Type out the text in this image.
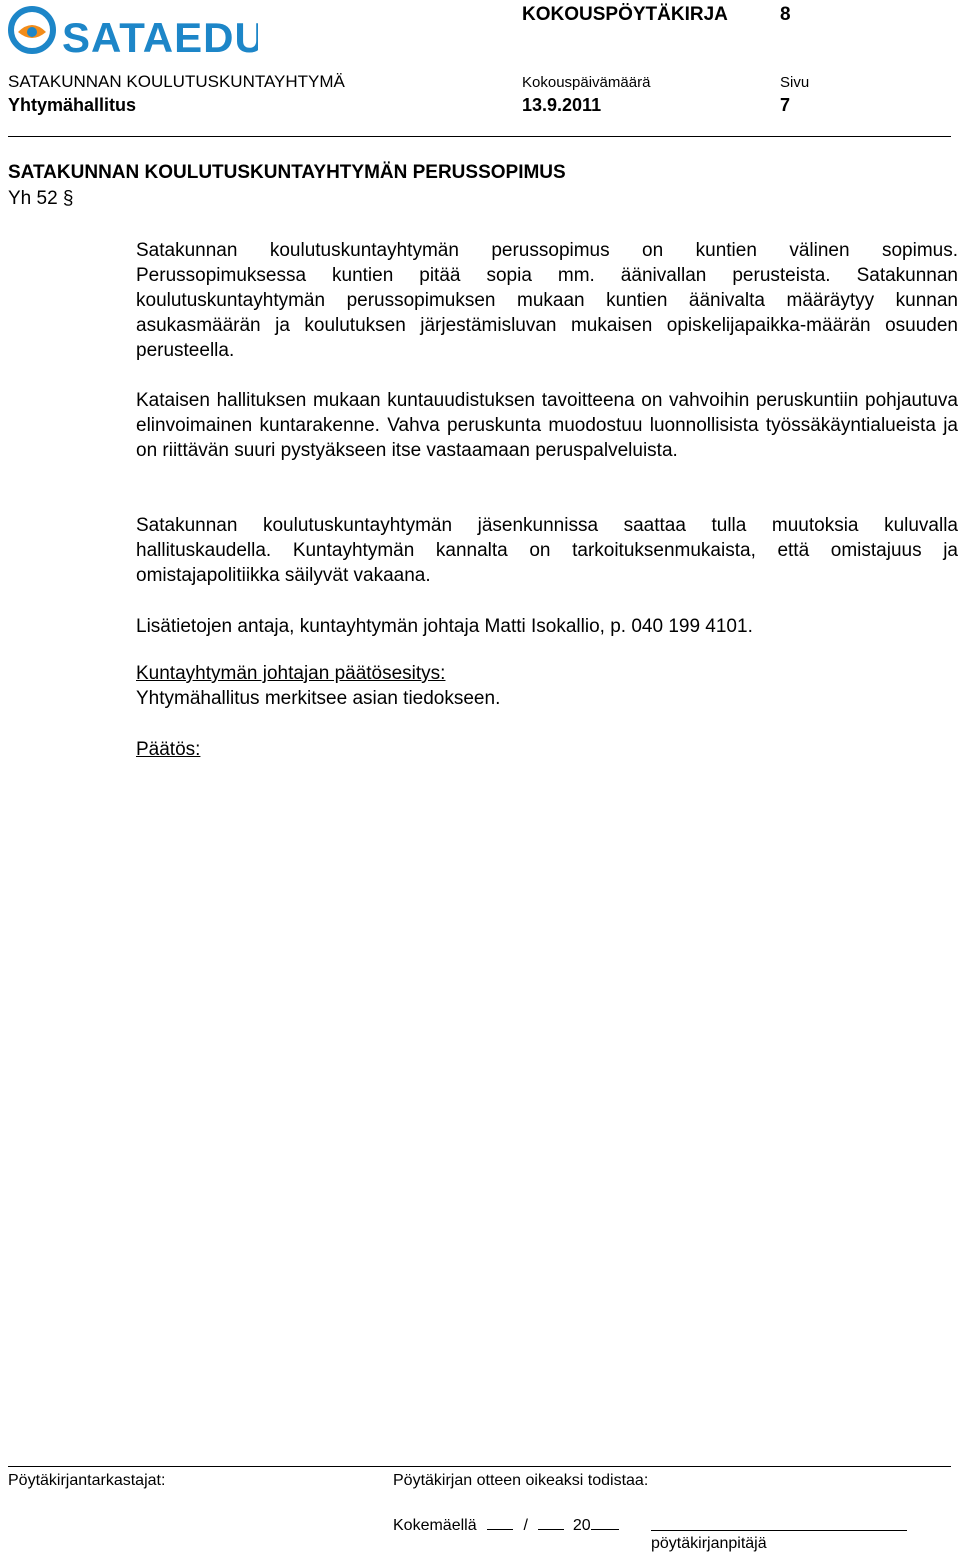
SATAEDU	KOKOUSPÖYTÄKIRJA	8
SATAKUNNAN KOULUTUSKUNTAYHTYMÄ	Kokouspäivämäärä	Sivu
Yhtymähallitus	13.9.2011	7
SATAKUNNAN KOULUTUSKUNTAYHTYMÄN PERUSSOPIMUS
Yh 52 §

Satakunnan koulutuskuntayhtymän perussopimus on kuntien välinen sopimus. Perussopimuksessa kuntien pitää sopia mm. äänivallan perusteista. Satakunnan koulutuskuntayhtymän perussopimuksen mukaan kuntien äänivalta määräytyy kunnan asukasmäärän ja koulutuksen järjestämisluvan mukaisen opiskelijapaikka-määrän osuuden perusteella.

Kataisen hallituksen mukaan kuntauudistuksen tavoitteena on vahvoihin peruskuntiin pohjautuva elinvoimainen kuntarakenne. Vahva peruskunta muodostuu luonnollisista työssäkäyntialueista ja on riittävän suuri pystyäkseen itse vastaamaan peruspalveluista.

Satakunnan koulutuskuntayhtymän jäsenkunnissa saattaa tulla muutoksia kuluvalla hallituskaudella. Kuntayhtymän kannalta on tarkoituksenmukaista, että omistajuus ja omistajapolitiikka säilyvät vakaana.

Lisätietojen antaja, kuntayhtymän johtaja Matti Isokallio, p. 040 199 4101.

Kuntayhtymän johtajan päätösesitys:
Yhtymähallitus merkitsee asian tiedokseen.
Päätös:
Pöytäkirjantarkastajat:	Pöytäkirjan otteen oikeaksi todistaa:
Kokemäellä	/	20
pöytäkirjanpitäjä
